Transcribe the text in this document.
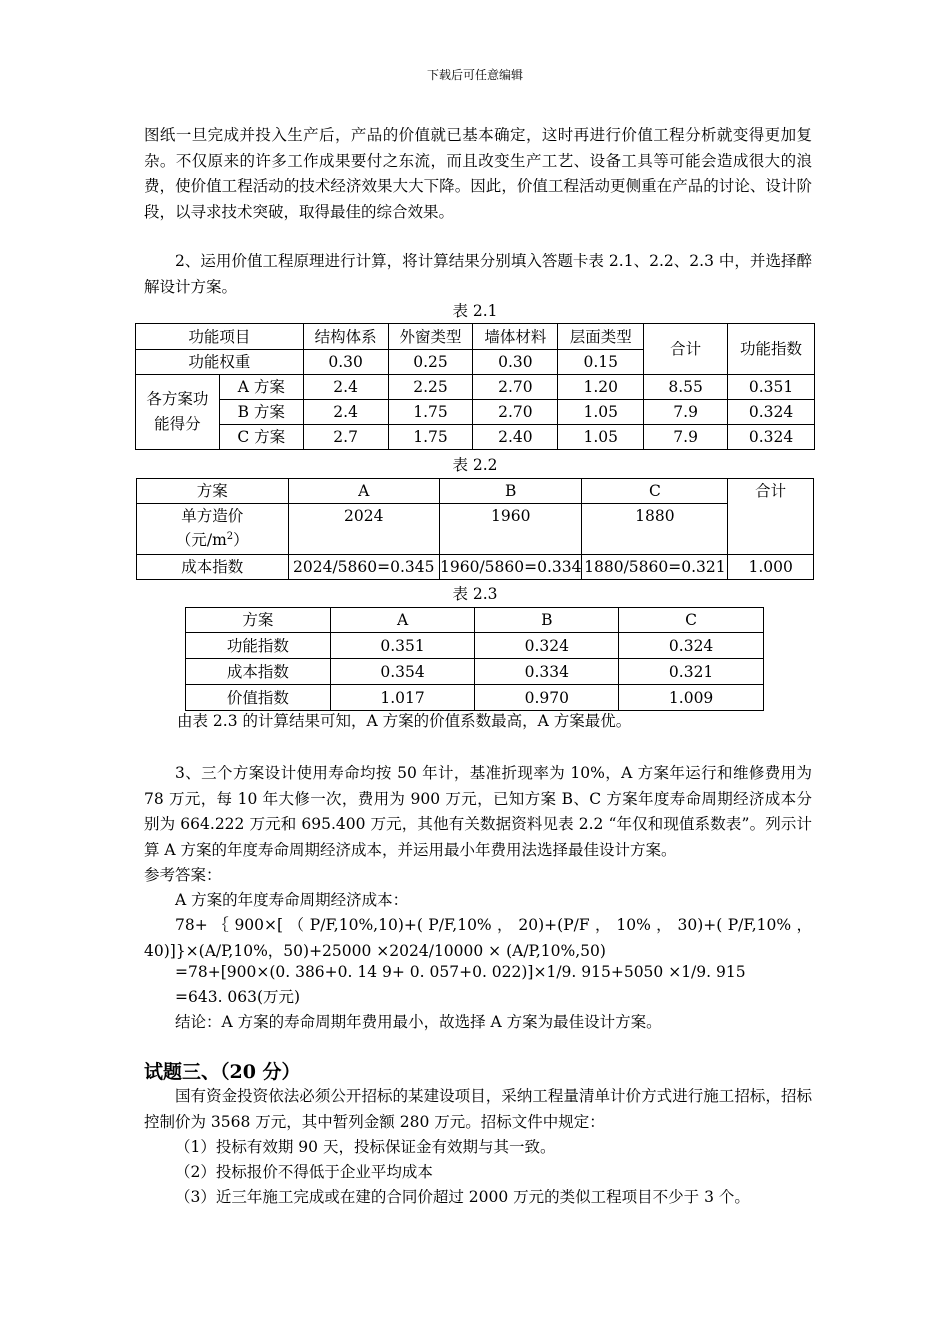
下载后可任意编辑
图纸一旦完成并投入生产后，产品的价值就已基本确定，这时再进行价值工程分析就变得更加复杂。不仅原来的许多工作成果要付之东流，而且改变生产工艺、设备工具等可能会造成很大的浪费，使价值工程活动的技术经济效果大大下降。因此，价值工程活动更侧重在产品的讨论、设计阶段，以寻求技术突破，取得最佳的综合效果。
2、运用价值工程原理进行计算，将计算结果分别填入答题卡表 2.1、2.2、2.3 中，并选择醉解设计方案。
表 2.1
功能项目		结构体系	外窗类型	墙体材料	层面类型	合计	功能指数
功能权重		0.30	0.25	0.30	0.15		
各方案功能得分	A 方案	2.4	2.25	2.70	1.20	8.55	0.351
	B 方案	2.4	1.75	2.70	1.05	7.9	0.324
	C 方案	2.7	1.75	2.40	1.05	7.9	0.324
表 2.2
方案	A	B	C	合计

单方造价
（元$/m^2$）	2024	1960	1880	
成本指数	2024/5860=0.345	1960/5860=0.334	1880/5860=0.321	1.000
表 2.3
方案	A	B	C
功能指数	0.351	0.324	0.324
成本指数	0.354	0.334	0.321
价值指数	1.017	0.970	1.009
由表 2.3 的计算结果可知，A 方案的价值系数最高，A 方案最优。
3、三个方案设计使用寿命均按 50 年计，基准折现率为 10%，A 方案年运行和维修费用为 78 万元，每 10 年大修一次，费用为 900 万元，已知方案 B、C 方案年度寿命周期经济成本分别为 664.222 万元和 695.400 万元，其他有关数据资料见表 2.2 “年仅和现值系数表”。列示计算 A 方案的年度寿命周期经济成本，并运用最小年费用法选择最佳设计方案。
参考答案：
A 方案的年度寿命周期经济成本：
78+ ｛ 900×[ （ P/F,10%,10)+( P/F,10% ， 20)+(P/F ， 10% ， 30)+( P/F,10% ， 40)]}×(A/P,10%，50)+25000 ×2024/10000 × (A/P,10%,50)
=78+[900×(0. 386+0. 14 9+ 0. 057+0. 022)]×1/9. 915+5050 ×1/9. 915
=643. 063(万元)
结论：A 方案的寿命周期年费用最小，故选择 A 方案为最佳设计方案。
试题三、（20 分）
国有资金投资依法必须公开招标的某建设项目，采纳工程量清单计价方式进行施工招标，招标控制价为 3568 万元，其中暂列金额 280 万元。招标文件中规定：
（1）投标有效期 90 天，投标保证金有效期与其一致。
（2）投标报价不得低于企业平均成本
（3）近三年施工完成或在建的合同价超过 2000 万元的类似工程项目不少于 3 个。
